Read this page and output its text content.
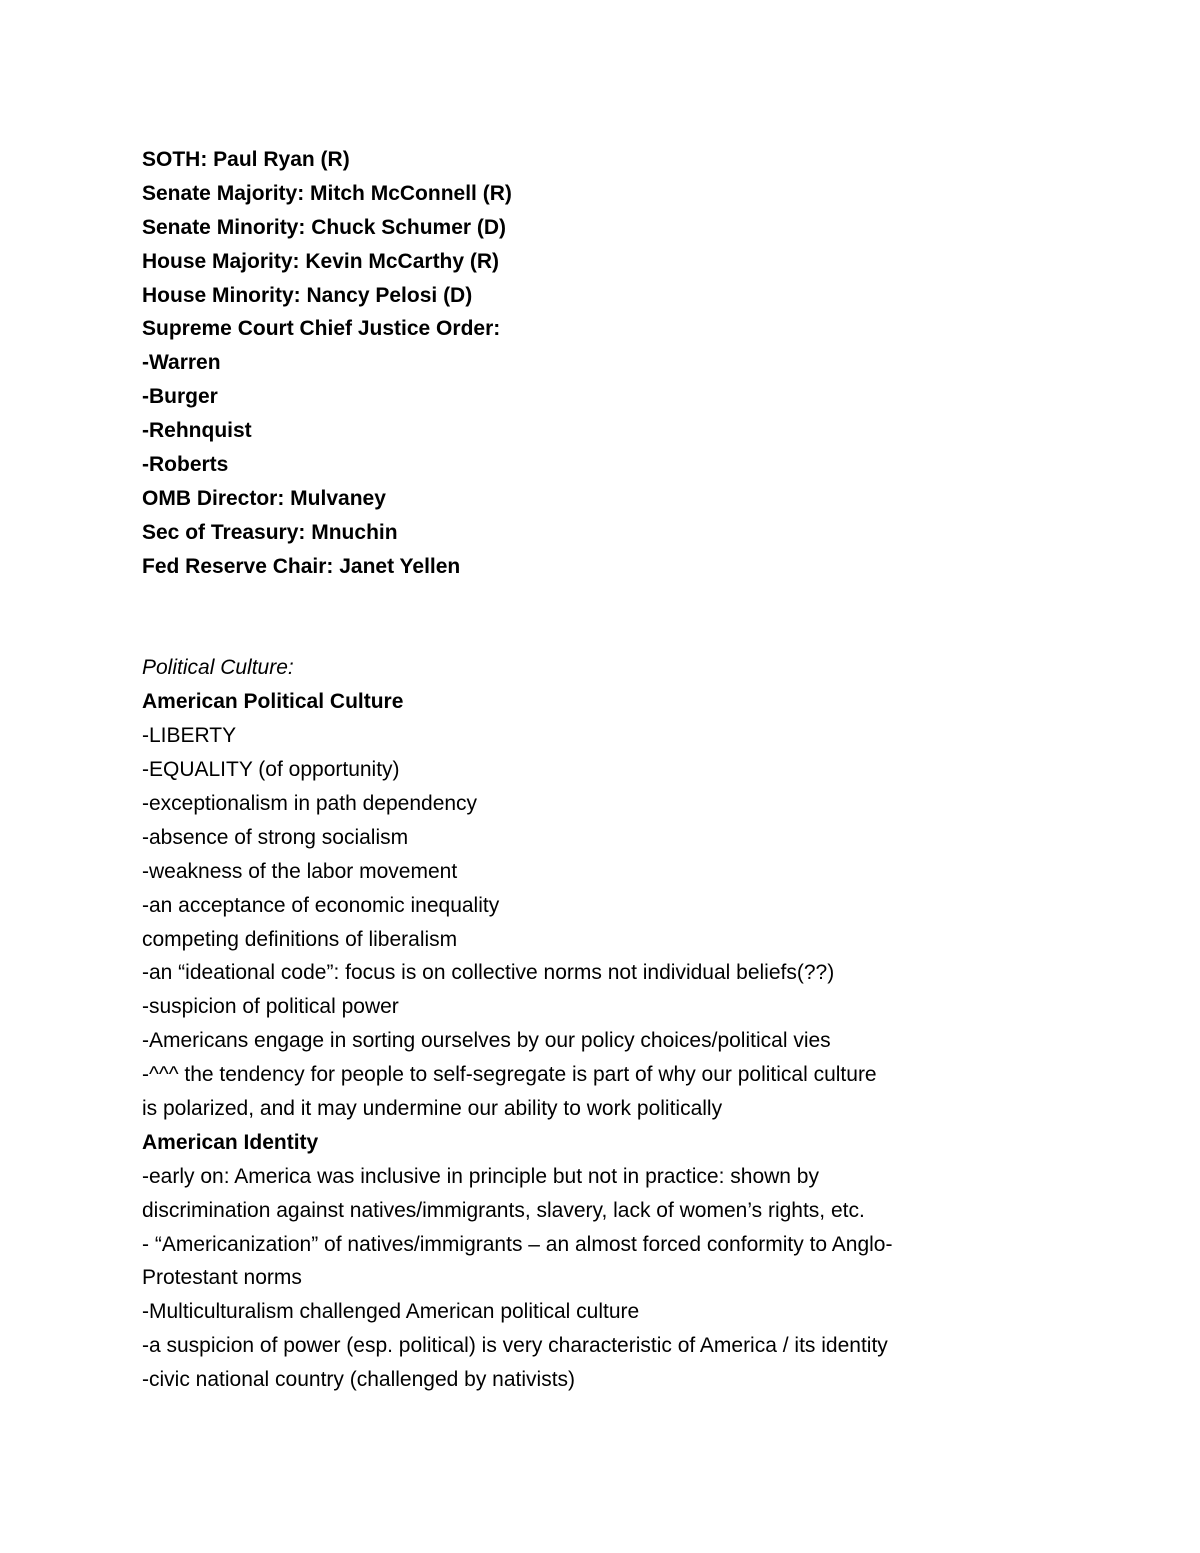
SOTH: Paul Ryan (R)
Senate Majority: Mitch McConnell (R)
Senate Minority: Chuck Schumer (D)
House Majority: Kevin McCarthy (R)
House Minority: Nancy Pelosi (D)
Supreme Court Chief Justice Order:
-Warren
-Burger
-Rehnquist
-Roberts
OMB Director: Mulvaney
Sec of Treasury: Mnuchin
Fed Reserve Chair: Janet Yellen
Political Culture:
American Political Culture
-LIBERTY
-EQUALITY (of opportunity)
-exceptionalism in path dependency
-absence of strong socialism
-weakness of the labor movement
-an acceptance of economic inequality
competing definitions of liberalism
-an “ideational code”: focus is on collective norms not individual beliefs(??)
-suspicion of political power
-Americans engage in sorting ourselves by our policy choices/political vies
-^^^ the tendency for people to self-segregate is part of why our political culture
is polarized, and it may undermine our ability to work politically
American Identity
-early on: America was inclusive in principle but not in practice: shown by
discrimination against natives/immigrants, slavery, lack of women’s rights, etc.
- “Americanization” of natives/immigrants – an almost forced conformity to Anglo-
Protestant norms
-Multiculturalism challenged American political culture
-a suspicion of power (esp. political) is very characteristic of America / its identity
-civic national country (challenged by nativists)
